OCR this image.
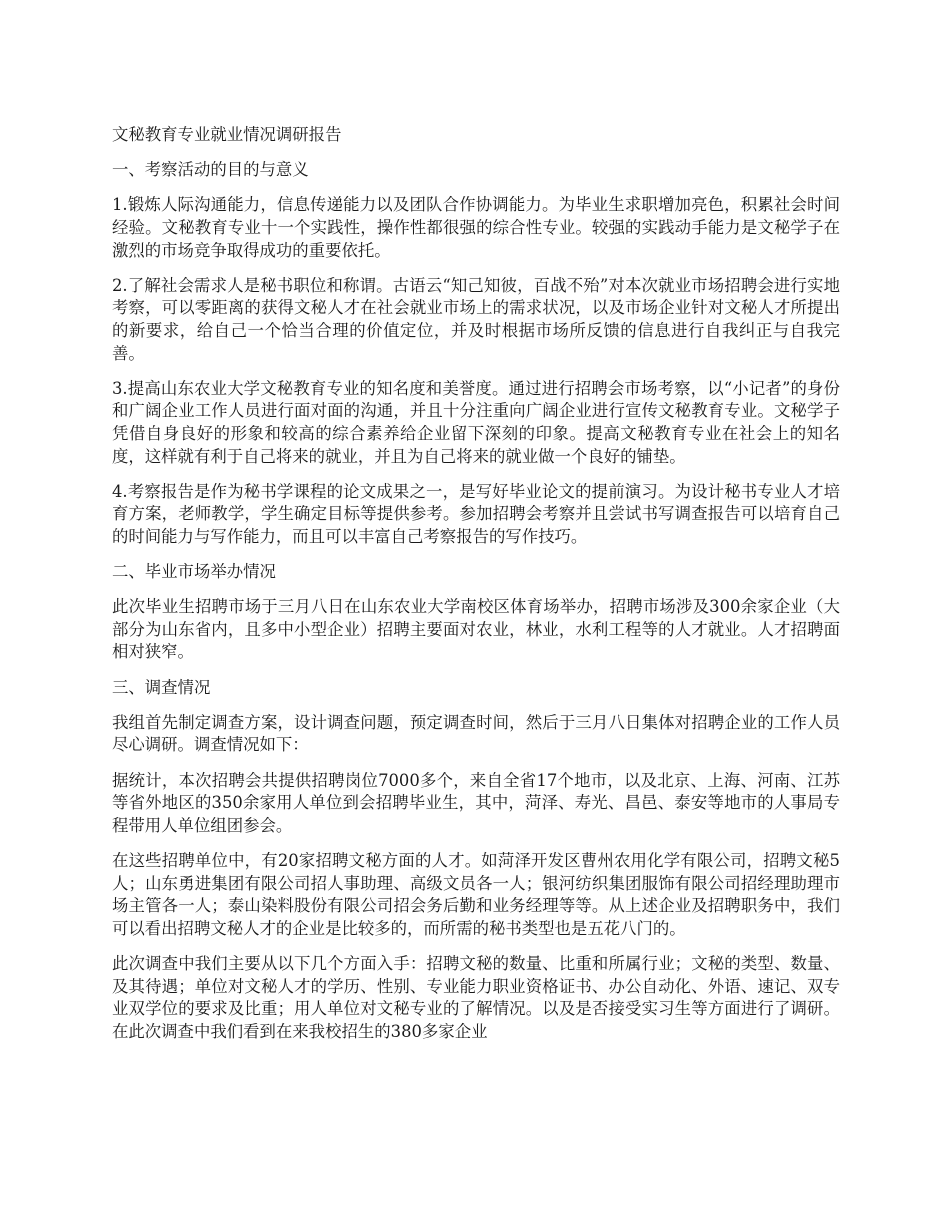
文秘教育专业就业情况调研报告

一、考察活动的目的与意义

1.锻炼人际沟通能力，信息传递能力以及团队合作协调能力。为毕业生求职增加亮色，积累社会时间经验。文秘教育专业十一个实践性，操作性都很强的综合性专业。较强的实践动手能力是文秘学子在激烈的市场竞争取得成功的重要依托。

2.了解社会需求人是秘书职位和称谓。古语云“知己知彼，百战不殆”对本次就业市场招聘会进行实地考察，可以零距离的获得文秘人才在社会就业市场上的需求状况，以及市场企业针对文秘人才所提出的新要求，给自己一个恰当合理的价值定位，并及时根据市场所反馈的信息进行自我纠正与自我完善。

3.提高山东农业大学文秘教育专业的知名度和美誉度。通过进行招聘会市场考察，以“小记者”的身份和广阔企业工作人员进行面对面的沟通，并且十分注重向广阔企业进行宣传文秘教育专业。文秘学子凭借自身良好的形象和较高的综合素养给企业留下深刻的印象。提高文秘教育专业在社会上的知名度，这样就有利于自己将来的就业，并且为自己将来的就业做一个良好的铺垫。

4.考察报告是作为秘书学课程的论文成果之一，是写好毕业论文的提前演习。为设计秘书专业人才培育方案，老师教学，学生确定目标等提供参考。参加招聘会考察并且尝试书写调查报告可以培育自己的时间能力与写作能力，而且可以丰富自己考察报告的写作技巧。

二、毕业市场举办情况

此次毕业生招聘市场于三月八日在山东农业大学南校区体育场举办，招聘市场涉及300余家企业（大部分为山东省内，且多中小型企业）招聘主要面对农业，林业，水利工程等的人才就业。人才招聘面相对狭窄。

三、调查情况

我组首先制定调查方案，设计调查问题，预定调查时间，然后于三月八日集体对招聘企业的工作人员尽心调研。调查情况如下：

据统计，本次招聘会共提供招聘岗位7000多个，来自全省17个地市，以及北京、上海、河南、江苏等省外地区的350余家用人单位到会招聘毕业生，其中，菏泽、寿光、昌邑、泰安等地市的人事局专程带用人单位组团参会。

在这些招聘单位中，有20家招聘文秘方面的人才。如菏泽开发区曹州农用化学有限公司，招聘文秘5人；山东勇进集团有限公司招人事助理、高级文员各一人；银河纺织集团服饰有限公司招经理助理市场主管各一人；泰山染料股份有限公司招会务后勤和业务经理等等。从上述企业及招聘职务中，我们可以看出招聘文秘人才的企业是比较多的，而所需的秘书类型也是五花八门的。

此次调查中我们主要从以下几个方面入手：招聘文秘的数量、比重和所属行业；文秘的类型、数量、及其待遇；单位对文秘人才的学历、性别、专业能力职业资格证书、办公自动化、外语、速记、双专业双学位的要求及比重；用人单位对文秘专业的了解情况。以及是否接受实习生等方面进行了调研。在此次调查中我们看到在来我校招生的380多家企业
